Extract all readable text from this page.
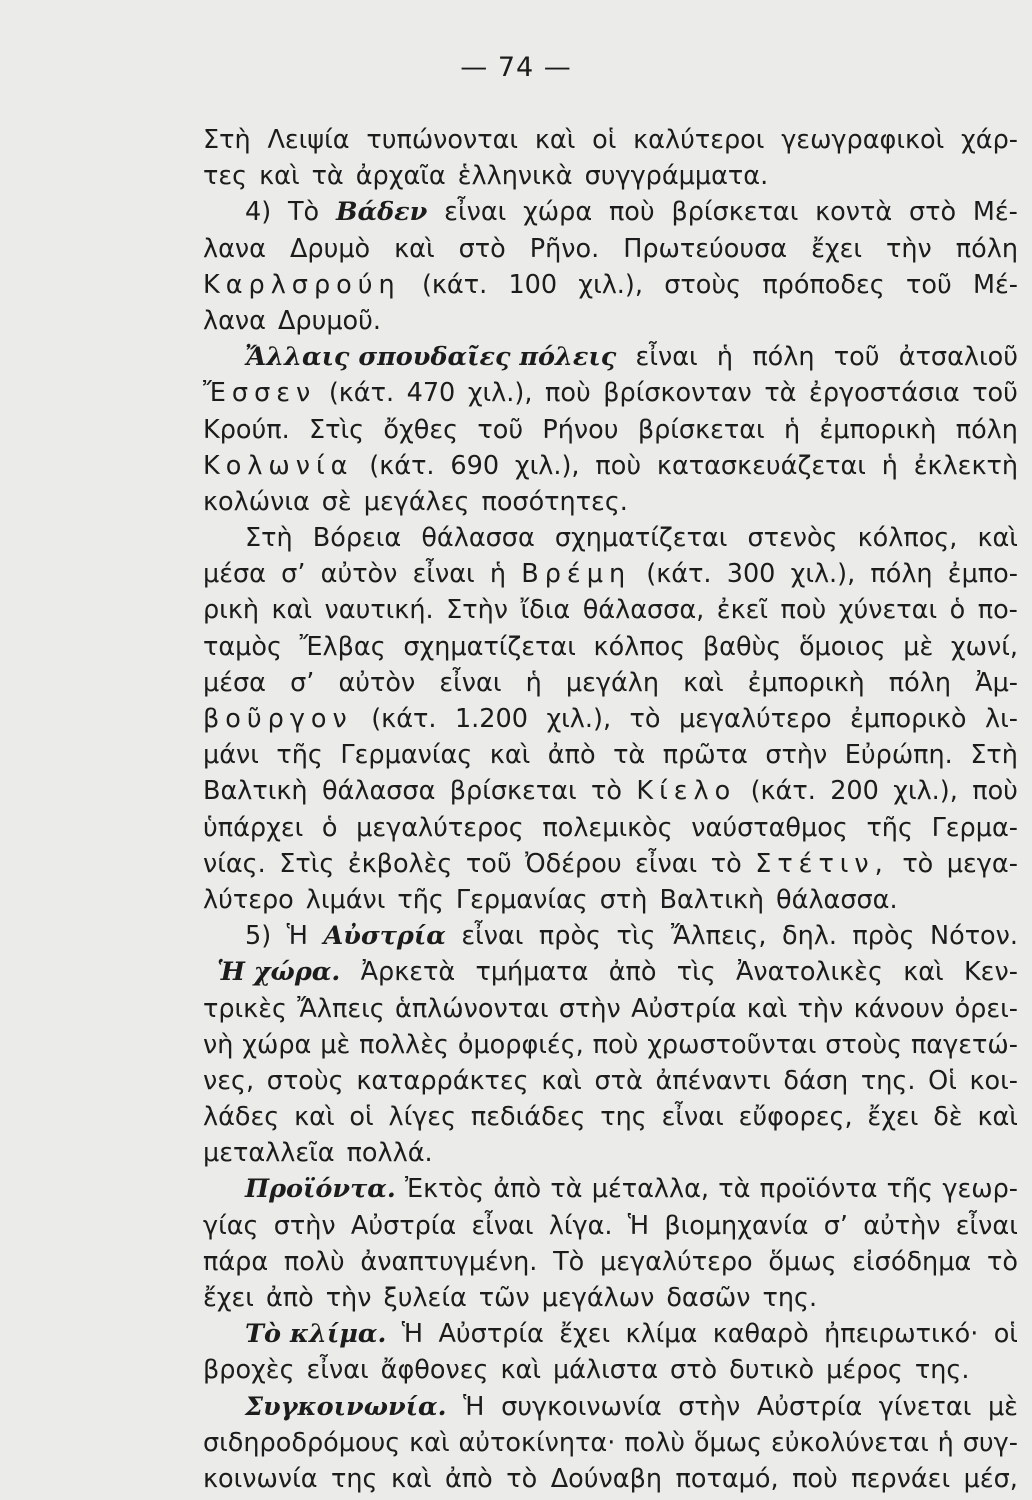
— 74 —
Στὴ Λειψία τυπώνονται καὶ οἱ καλύτεροι γεωγραφικοὶ χάρ-
τες καὶ τὰ ἀρχαῖα ἑλληνικὰ συγγράμματα.
4) Τὸ Βάδεν εἶναι χώρα ποὺ βρίσκεται κοντὰ στὸ Μέ-
λανα Δρυμὸ καὶ στὸ Ρῆνο. Πρωτεύουσα ἔχει τὴν πόλη
Καρλσρούη (κάτ. 100 χιλ.), στοὺς πρόποδες τοῦ Μέ-
λανα Δρυμοῦ.
Ἄλλαις σπουδαῖες πόλεις εἶναι ἡ πόλη τοῦ ἀτσαλιοῦ
Ἔσσεν (κάτ. 470 χιλ.), ποὺ βρίσκονταν τὰ ἐργοστάσια τοῦ
Κρούπ. Στὶς ὄχθες τοῦ Ρήνου βρίσκεται ἡ ἐμπορικὴ πόλη
Κολωνία (κάτ. 690 χιλ.), ποὺ κατασκευάζεται ἡ ἐκλεκτὴ
κολώνια σὲ μεγάλες ποσότητες.
Στὴ Βόρεια θάλασσα σχηματίζεται στενὸς κόλπος, καὶ
μέσα σ’ αὐτὸν εἶναι ἡ Βρέμη (κάτ. 300 χιλ.), πόλη ἐμπο-
ρικὴ καὶ ναυτική. Στὴν ἴδια θάλασσα, ἐκεῖ ποὺ χύνεται ὁ πο-
ταμὸς Ἔλβας σχηματίζεται κόλπος βαθὺς ὅμοιος μὲ χωνί,
μέσα σ’ αὐτὸν εἶναι ἡ μεγάλη καὶ ἐμπορικὴ πόλη Ἀμ-
βοῦργον (κάτ. 1.200 χιλ.), τὸ μεγαλύτερο ἐμπορικὸ λι-
μάνι τῆς Γερμανίας καὶ ἀπὸ τὰ πρῶτα στὴν Εὐρώπη. Στὴ
Βαλτικὴ θάλασσα βρίσκεται τὸ Κίελο (κάτ. 200 χιλ.), ποὺ
ὑπάρχει ὁ μεγαλύτερος πολεμικὸς ναύσταθμος τῆς Γερμα-
νίας. Στὶς ἐκβολὲς τοῦ Ὀδέρου εἶναι τὸ Στέτιν, τὸ μεγα-
λύτερο λιμάνι τῆς Γερμανίας στὴ Βαλτικὴ θάλασσα.
5) Ἡ Αὐστρία εἶναι πρὸς τὶς Ἄλπεις, δηλ. πρὸς Νότον.
Ἡ χώρα. Ἀρκετὰ τμήματα ἀπὸ τὶς Ἀνατολικὲς καὶ Κεν-
τρικὲς Ἄλπεις ἁπλώνονται στὴν Αὐστρία καὶ τὴν κάνουν ὀρει-
νὴ χώρα μὲ πολλὲς ὀμορφιές, ποὺ χρωστοῦνται στοὺς παγετώ-
νες, στοὺς καταρράκτες καὶ στὰ ἀπέναντι δάση της. Οἱ κοι-
λάδες καὶ οἱ λίγες πεδιάδες της εἶναι εὔφορες, ἔχει δὲ καὶ
μεταλλεῖα πολλά.
Προϊόντα. Ἐκτὸς ἀπὸ τὰ μέταλλα, τὰ προϊόντα τῆς γεωρ-
γίας στὴν Αὐστρία εἶναι λίγα. Ἡ βιομηχανία σ’ αὐτὴν εἶναι
πάρα πολὺ ἀναπτυγμένη. Τὸ μεγαλύτερο ὅμως εἰσόδημα τὸ
ἔχει ἀπὸ τὴν ξυλεία τῶν μεγάλων δασῶν της.
Τὸ κλίμα. Ἡ Αὐστρία ἔχει κλίμα καθαρὸ ἠπειρωτικό· οἱ
βροχὲς εἶναι ἄφθονες καὶ μάλιστα στὸ δυτικὸ μέρος της.
Συγκοινωνία. Ἡ συγκοινωνία στὴν Αὐστρία γίνεται μὲ
σιδηροδρόμους καὶ αὐτοκίνητα· πολὺ ὅμως εὐκολύνεται ἡ συγ-
κοινωνία της καὶ ἀπὸ τὸ Δούναβη ποταμό, ποὺ περνάει μέσ,
